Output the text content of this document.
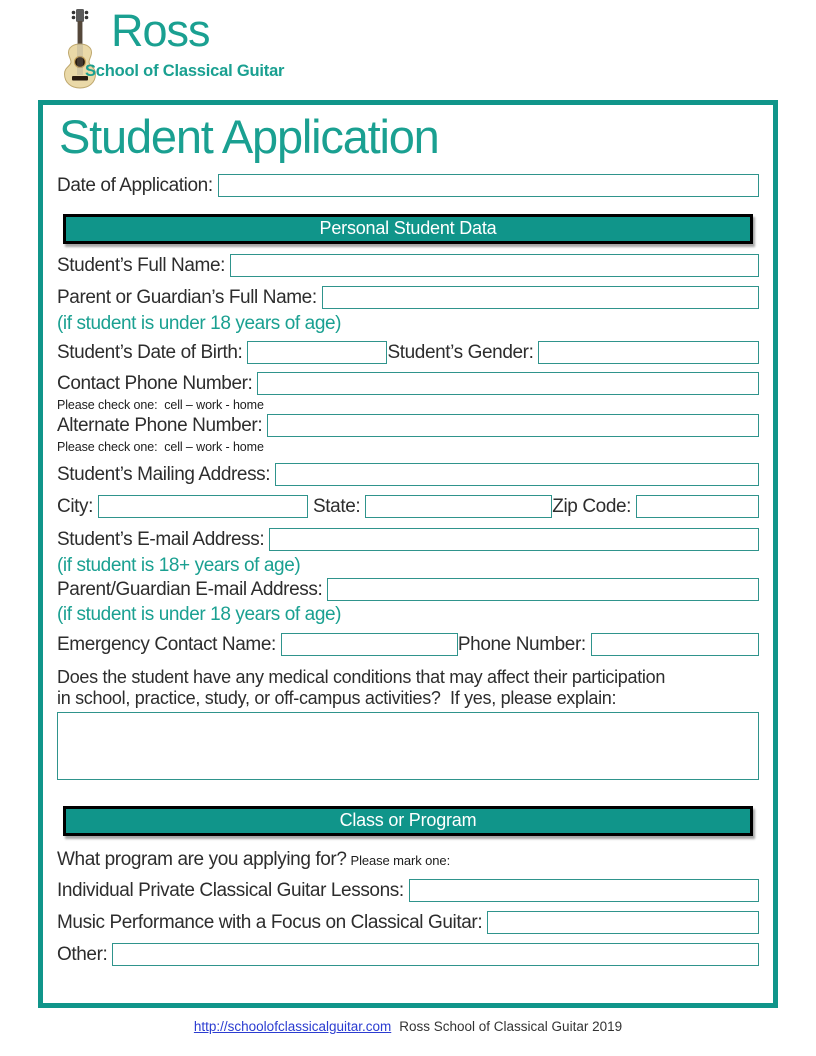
Ross
School of Classical Guitar
Student Application
Date of Application:
Personal Student Data
Student’s Full Name:
Parent or Guardian’s Full Name:
(if student is under 18 years of age)
Student’s Date of Birth:	Student’s Gender:
Contact Phone Number:
Please check one:  cell – work - home
Alternate Phone Number:
Please check one:  cell – work - home
Student’s Mailing Address:
City:	State:	Zip Code:
Student’s E-mail Address:
(if student is 18+ years of age)
Parent/Guardian E-mail Address:
(if student is under 18 years of age)
Emergency Contact Name:	Phone Number:
Does the student have any medical conditions that may affect their participation
in school, practice, study, or off-campus activities?  If yes, please explain:
Class or Program
What program are you applying for? Please mark one:
Individual Private Classical Guitar Lessons:
Music Performance with a Focus on Classical Guitar:
Other:
http://schoolofclassicalguitar.com Ross School of Classical Guitar 2019
